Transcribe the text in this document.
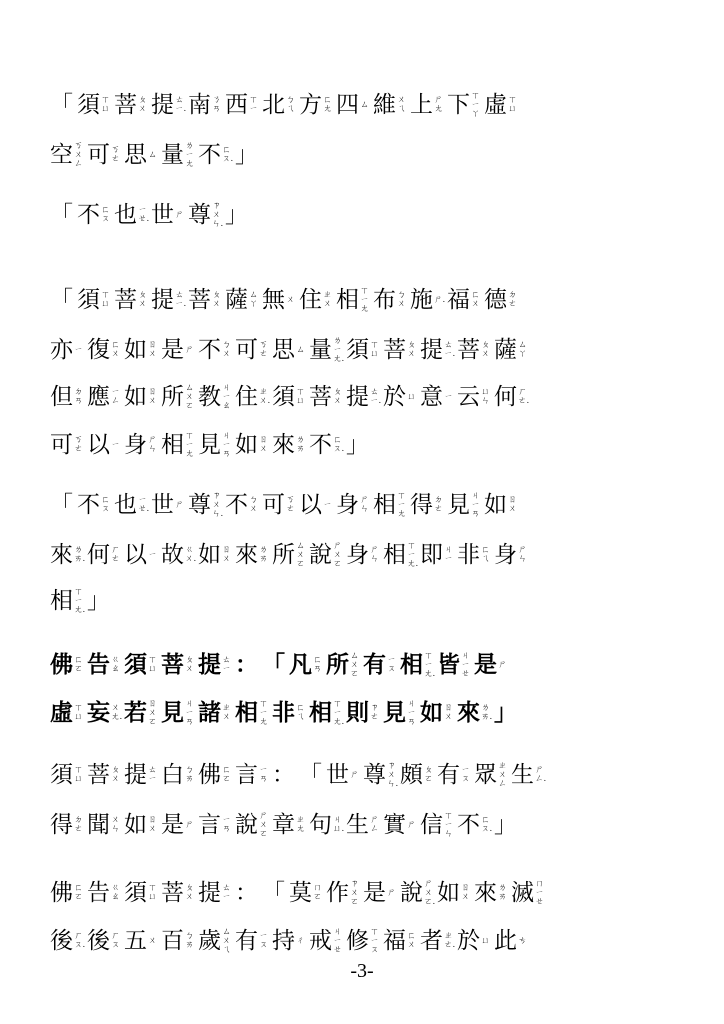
「 須 ㄒㄩ 菩 ㄆㄨ 提 ㄊㄧ. 南 ㄋㄢ 西 ㄒㄧ 北 ㄅㄟ 方 ㄈㄤ 四 ㄙ 維 ㄨㄟ 上 ㄕㄤ 下 ㄒㄧㄚ 虛 ㄒㄩ
空 ㄎㄨㄥ 可 ㄎㄜ 思 ㄙ 量 ㄌㄧㄤ 不 ㄈㄡ. 」
「 不 ㄈㄡ 也 ㄧㄝ. 世 ㄕ 尊 ㄗㄨㄣ. 」
「 須 ㄒㄩ 菩 ㄆㄨ 提 ㄊㄧ. 菩 ㄆㄨ 薩 ㄙㄚ 無 ㄨ 住 ㄓㄨ 相 ㄒㄧㄤ 布 ㄅㄨ 施 ㄕ. 福 ㄈㄨ 德 ㄉㄜ
亦 ㄧ 復 ㄈㄨ 如 ㄖㄨ 是 ㄕ 不 ㄅㄨ 可 ㄎㄜ 思 ㄙ 量 ㄌㄧㄤ. 須 ㄒㄩ 菩 ㄆㄨ 提 ㄊㄧ. 菩 ㄆㄨ 薩 ㄙㄚ
但 ㄉㄢ 應 ㄧㄥ 如 ㄖㄨ 所 ㄙㄨㄛ 教 ㄐㄧㄠ 住 ㄓㄨ. 須 ㄒㄩ 菩 ㄆㄨ 提 ㄊㄧ. 於 ㄩ 意 ㄧ 云 ㄩㄣ 何 ㄏㄜ.
可 ㄎㄜ 以 ㄧ 身 ㄕㄣ 相 ㄒㄧㄤ 見 ㄐㄧㄢ 如 ㄖㄨ 來 ㄌㄞ 不 ㄈㄡ. 」
「 不 ㄈㄡ 也 ㄧㄝ. 世 ㄕ 尊 ㄗㄨㄣ. 不 ㄅㄨ 可 ㄎㄜ 以 ㄧ 身 ㄕㄣ 相 ㄒㄧㄤ 得 ㄉㄜ 見 ㄐㄧㄢ 如 ㄖㄨ
來 ㄌㄞ. 何 ㄏㄜ 以 ㄧ 故 ㄍㄨ. 如 ㄖㄨ 來 ㄌㄞ 所 ㄙㄨㄛ 說 ㄕㄨㄛ 身 ㄕㄣ 相 ㄒㄧㄤ. 即 ㄐㄧ 非 ㄈㄟ 身 ㄕㄣ
相 ㄒㄧㄤ. 」
佛 ㄈㄛ 告 ㄍㄠ 須 ㄒㄩ 菩 ㄆㄨ 提 ㄊㄧ ： 「 凡 ㄈㄢ 所 ㄙㄨㄛ 有 ㄧㄡ 相 ㄒㄧㄤ. 皆 ㄐㄧㄝ 是 ㄕ
虛 ㄒㄩ 妄 ㄨㄤ. 若 ㄖㄨㄛ 見 ㄐㄧㄢ 諸 ㄓㄨ 相 ㄒㄧㄤ 非 ㄈㄟ 相 ㄒㄧㄤ. 則 ㄗㄜ 見 ㄐㄧㄢ 如 ㄖㄨ 來 ㄌㄞ. 」
須 ㄒㄩ 菩 ㄆㄨ 提 ㄊㄧ 白 ㄅㄞ 佛 ㄈㄛ 言 ㄧㄢ ： 「 世 ㄕ 尊 ㄗㄨㄣ. 頗 ㄆㄛ 有 ㄧㄡ 眾 ㄓㄨㄥ 生 ㄕㄥ.
得 ㄉㄜ 聞 ㄨㄣ 如 ㄖㄨ 是 ㄕ 言 ㄧㄢ 說 ㄕㄨㄛ 章 ㄓㄤ 句 ㄐㄩ. 生 ㄕㄥ 實 ㄕ 信 ㄒㄧㄣ 不 ㄈㄡ. 」
佛 ㄈㄛ 告 ㄍㄠ 須 ㄒㄩ 菩 ㄆㄨ 提 ㄊㄧ ： 「 莫 ㄇㄛ 作 ㄗㄨㄛ 是 ㄕ 說 ㄕㄨㄛ. 如 ㄖㄨ 來 ㄌㄞ 滅 ㄇㄧㄝ
後 ㄏㄡ. 後 ㄏㄡ 五 ㄨ 百 ㄅㄞ 歲 ㄙㄨㄟ 有 ㄧㄡ 持 ㄔ 戒 ㄐㄧㄝ 修 ㄒㄧㄡ 福 ㄈㄨ 者 ㄓㄜ. 於 ㄩ 此 ㄘ
-3-
